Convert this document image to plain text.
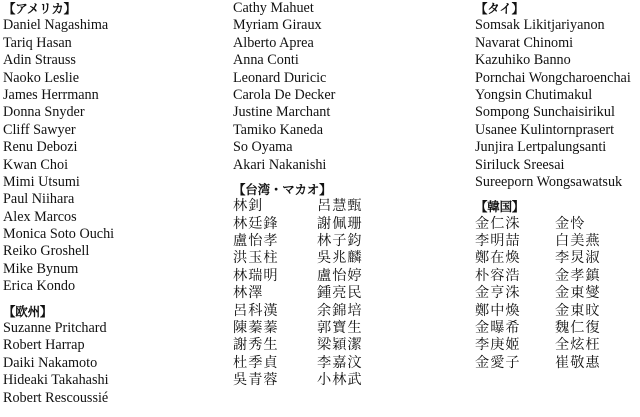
【アメリカ】
Daniel Nagashima
Tariq Hasan
Adin Strauss
Naoko Leslie
James Herrmann
Donna Snyder
Cliff Sawyer
Renu Debozi
Kwan Choi
Mimi Utsumi
Paul Niihara
Alex Marcos
Monica Soto Ouchi
Reiko Groshell
Mike Bynum
Erica Kondo
【欧州】
Suzanne Pritchard
Robert Harrap
Daiki Nakamoto
Hideaki Takahashi
Robert Rescoussié
Cathy Mahuet
Myriam Giraux
Alberto Aprea
Anna Conti
Leonard Duricic
Carola De Decker
Justine Marchant
Tamiko Kaneda
So Oyama
Akari Nakanishi
【台湾・マカオ】
林釗	呂慧甄
林廷鋒	謝佩珊
盧怡孝	林子鈞
洪玉柱	吳兆麟
林瑞明	盧怡婷
林澤	鍾亮民
呂科漢	余錦培
陳蓁蓁	郭寶生
謝秀生	梁穎潔
杜季貞	李嘉汶
吳青蓉	小林武
【タイ】
Somsak Likitjariyanon
Navarat Chinomi
Kazuhiko Banno
Pornchai Wongcharoenchai
Yongsin Chutimakul
Sompong Sunchaisirikul
Usanee Kulintornprasert
Junjira Lertpalungsanti
Siriluck Sreesai
Sureeporn Wongsawatsuk
【韓国】
金仁洙	金怜
李明喆	白美燕
鄭在煥	李炅淑
朴容浩	金孝鎮
金亨洙	金東燮
鄭中煥	金東旼
金曝希	魏仁復
李庚姬	全炫枉
金愛子	崔敬惠
